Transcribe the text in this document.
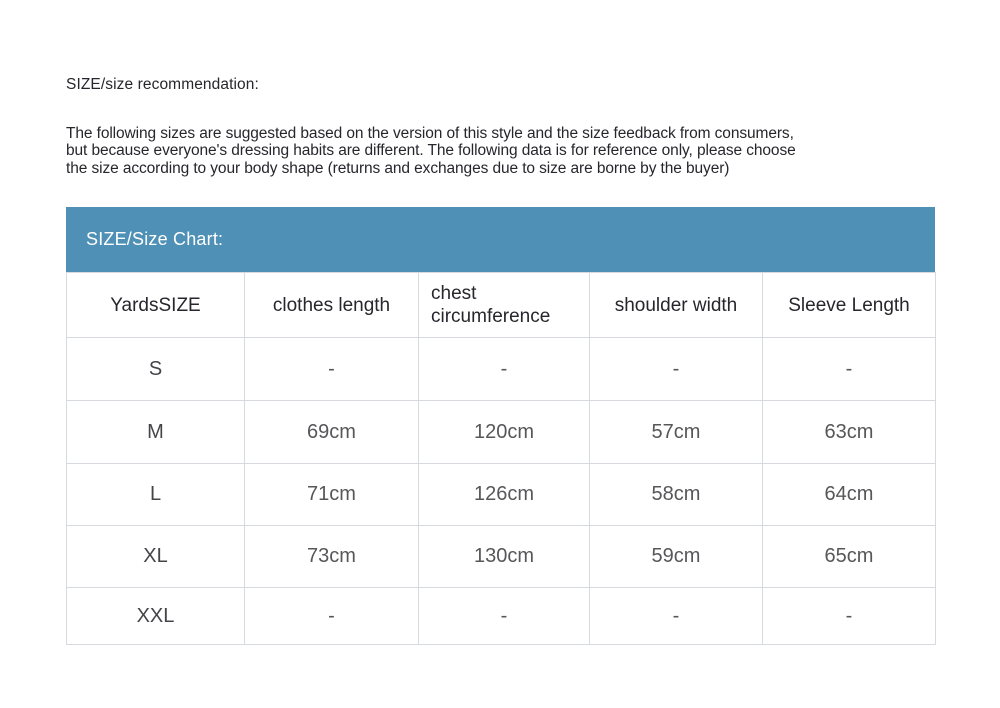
SIZE/size recommendation:
The following sizes are suggested based on the version of this style and the size feedback from consumers,
but because everyone's dressing habits are different. The following data is for reference only, please choose
the size according to your body shape (returns and exchanges due to size are borne by the buyer)
SIZE/Size Chart:
YardsSIZE	clothes length	chest circumference	shoulder width	Sleeve Length
S	-	-	-	-
M	69cm	120cm	57cm	63cm
L	71cm	126cm	58cm	64cm
XL	73cm	130cm	59cm	65cm
XXL	-	-	-	-
